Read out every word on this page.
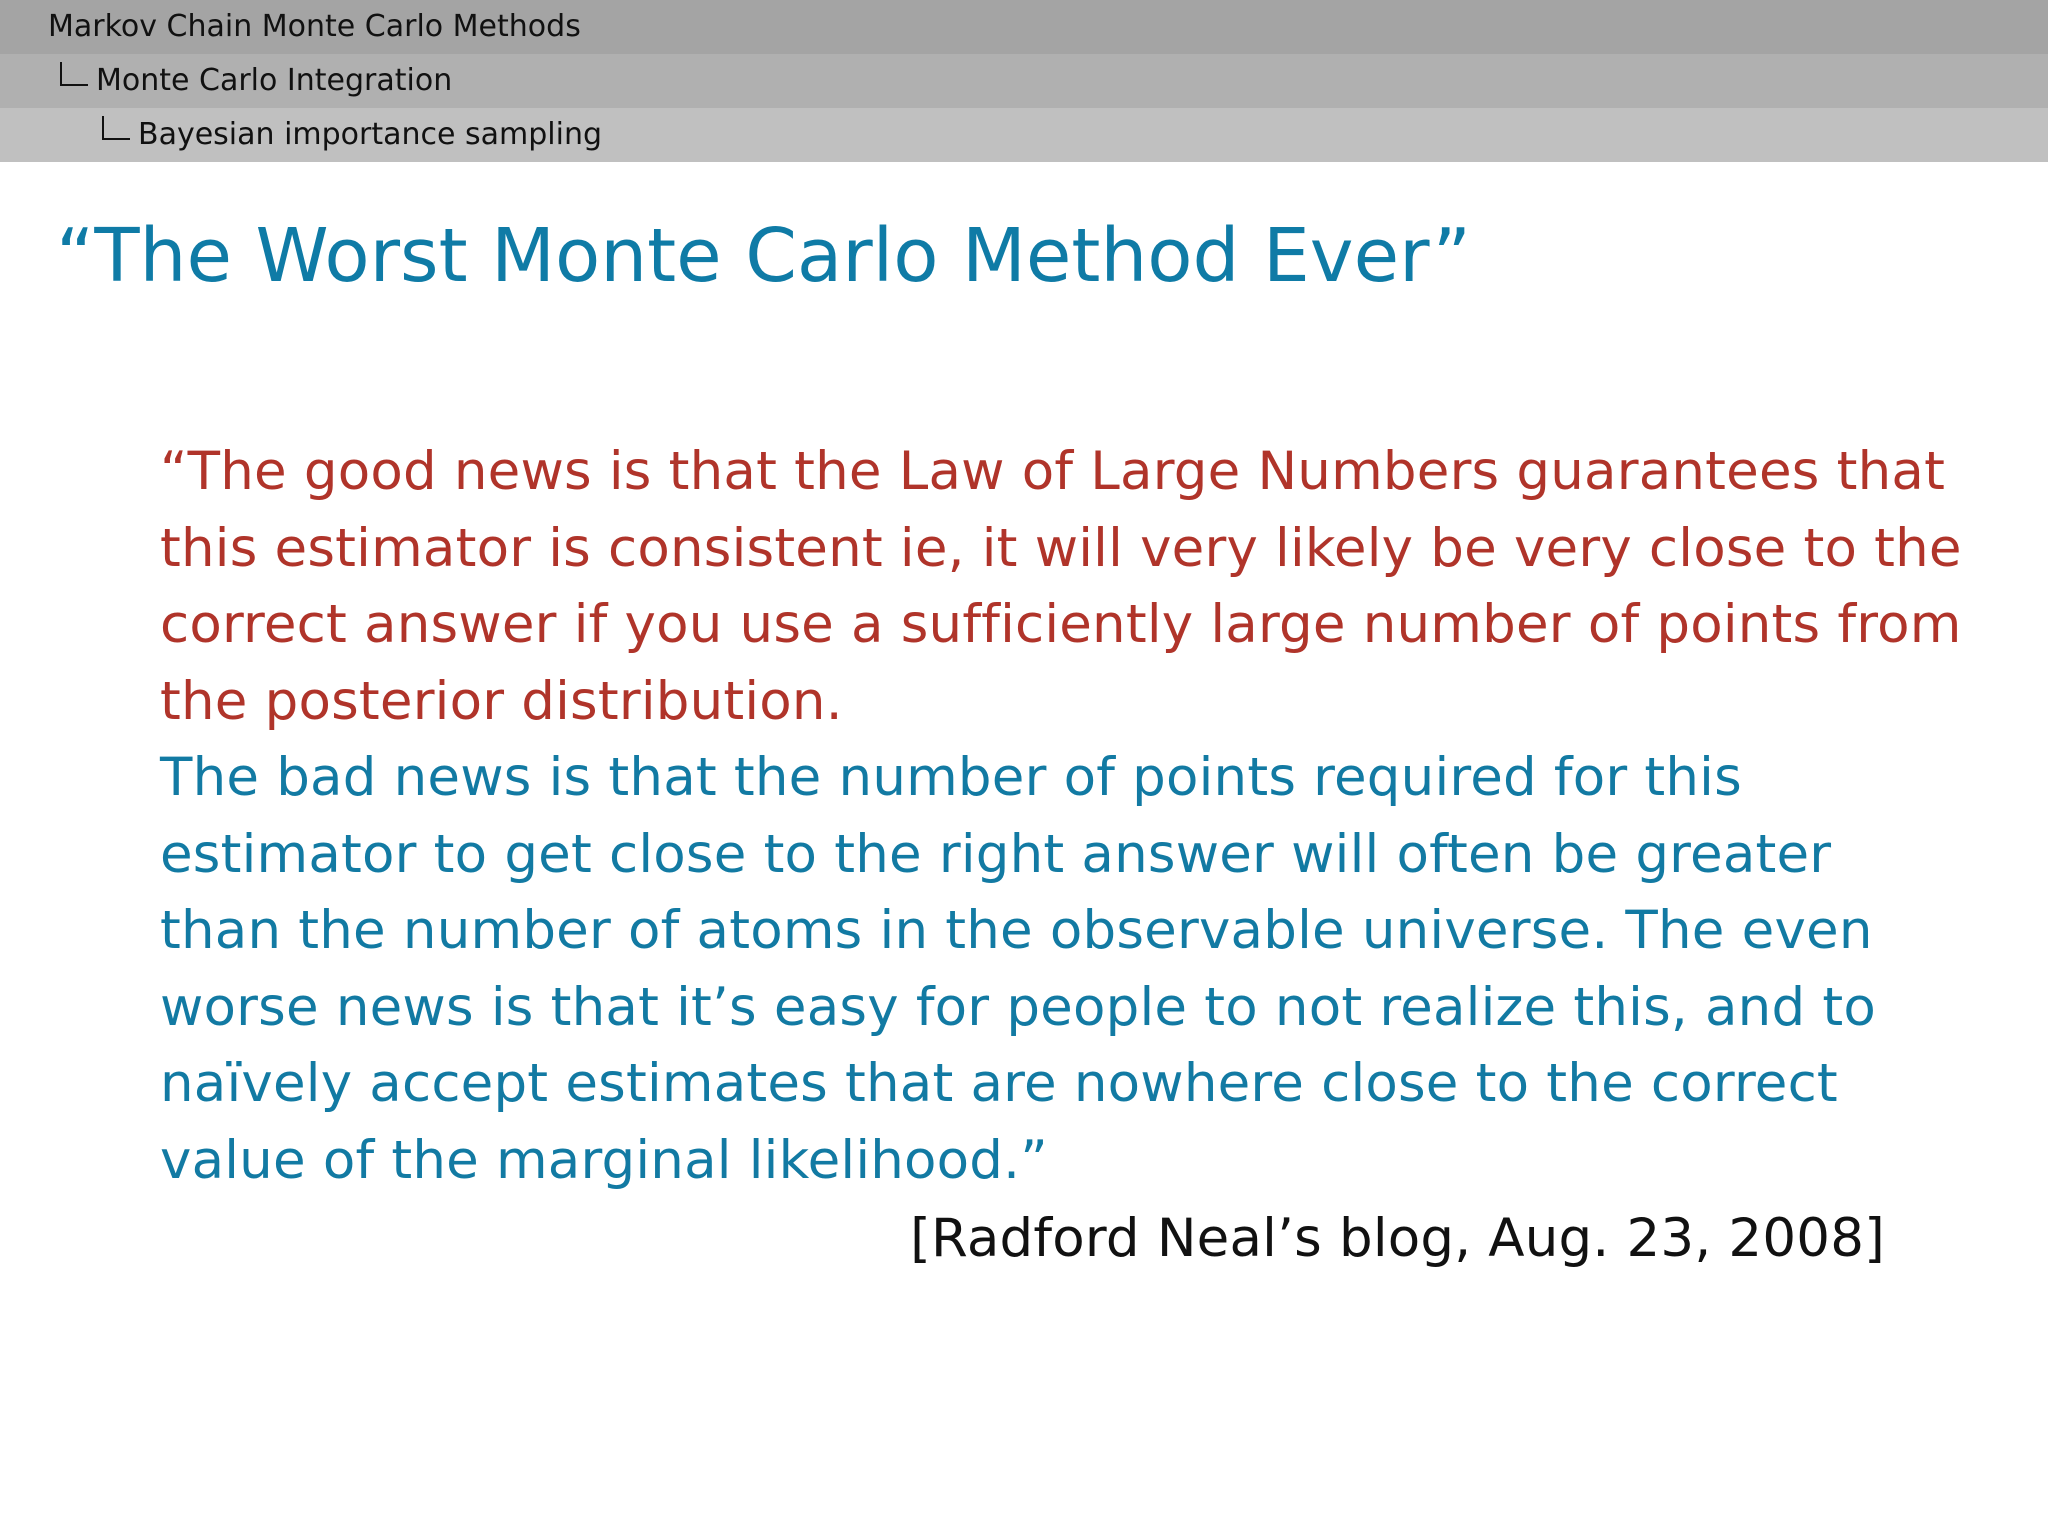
Markov Chain Monte Carlo Methods
Monte Carlo Integration
Bayesian importance sampling
“The Worst Monte Carlo Method Ever”
“The good news is that the Law of Large Numbers guarantees that
this estimator is consistent ie, it will very likely be very close to the
correct answer if you use a sufficiently large number of points from
the posterior distribution.
The bad news is that the number of points required for this
estimator to get close to the right answer will often be greater
than the number of atoms in the observable universe. The even
worse news is that it’s easy for people to not realize this, and to
naïvely accept estimates that are nowhere close to the correct
value of the marginal likelihood.”
[Radford Neal’s blog, Aug. 23, 2008]
